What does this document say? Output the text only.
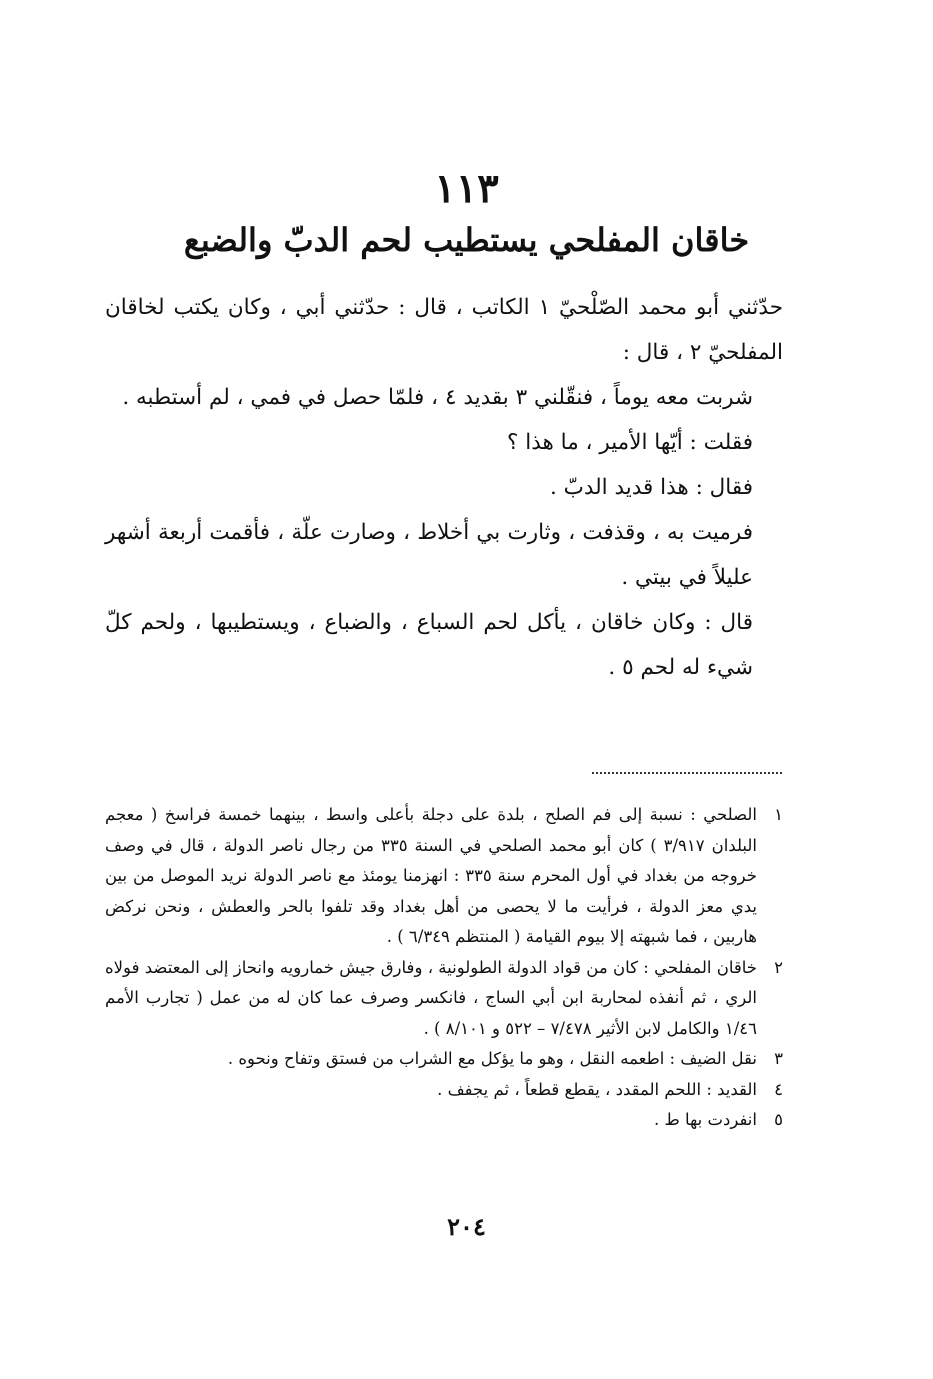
١١٣
خاقان المفلحي يستطيب لحم الدبّ والضبع

حدّثني أبو محمد الصّلْحيّ ١ الكاتب ، قال : حدّثني أبي ، وكان يكتب لخاقان المفلحيّ ٢ ، قال :

شربت معه يوماً ، فنقّلني ٣ بقديد ٤ ، فلمّا حصل في فمي ، لم أستطبه .

فقلت : أيّها الأمير ، ما هذا ؟

فقال : هذا قديد الدبّ .

فرميت به ، وقذفت ، وثارت بي أخلاط ، وصارت علّة ، فأقمت أربعة أشهر عليلاً في بيتي .

قال : وكان خاقان ، يأكل لحم السباع ، والضباع ، ويستطيبها ، ولحم كلّ شيء له لحم ٥ .

١
الصلحي : نسبة إلى فم الصلح ، بلدة على دجلة بأعلى واسط ، بينهما خمسة فراسخ ( معجم البلدان ٣/٩١٧ ) كان أبو محمد الصلحي في السنة ٣٣٥ من رجال ناصر الدولة ، قال في وصف خروجه من بغداد في أول المحرم سنة ٣٣٥ : انهزمنا يومئذ مع ناصر الدولة نريد الموصل من بين يدي معز الدولة ، فرأيت ما لا يحصى من أهل بغداد وقد تلفوا بالحر والعطش ، ونحن نركض هاربين ، فما شبهته إلا بيوم القيامة ( المنتظم ٦/٣٤٩ ) .
٢
خاقان المفلحي : كان من قواد الدولة الطولونية ، وفارق جيش خمارويه وانحاز إلى المعتضد فولاه الري ، ثم أنفذه لمحاربة ابن أبي الساج ، فانكسر وصرف عما كان له من عمل ( تجارب الأمم ١/٤٦ والكامل لابن الأثير ٧/٤٧٨ – ٥٢٢ و ٨/١٠١ ) .
٣
نقل الضيف : اطعمه النقل ، وهو ما يؤكل مع الشراب من فستق وتفاح ونحوه .
٤
القديد : اللحم المقدد ، يقطع قطعاً ، ثم يجفف .
٥
انفردت بها ط .
٢٠٤
